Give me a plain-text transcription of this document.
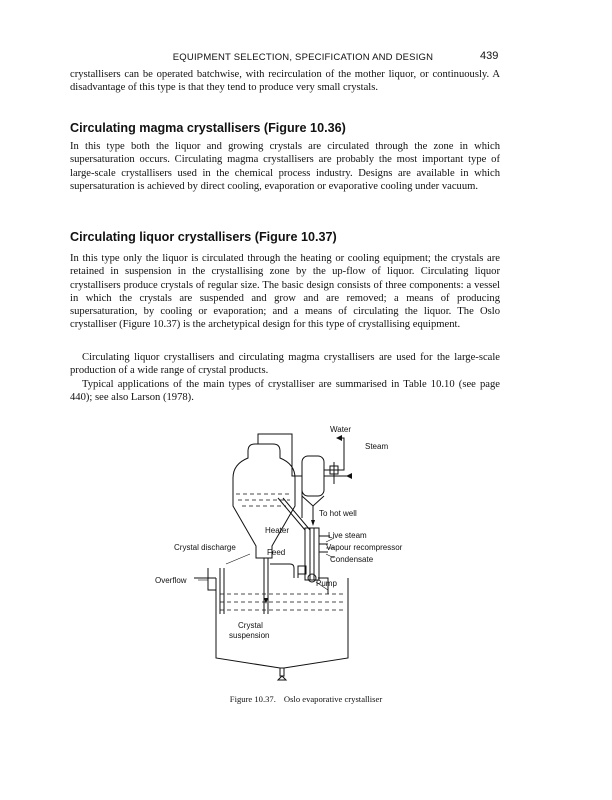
EQUIPMENT SELECTION, SPECIFICATION AND DESIGN	439

crystallisers can be operated batchwise, with recirculation of the mother liquor, or continuously. A disadvantage of this type is that they tend to produce very small crystals.

Circulating magma crystallisers (Figure 10.36)

In this type both the liquor and growing crystals are circulated through the zone in which supersaturation occurs. Circulating magma crystallisers are probably the most important type of large-scale crystallisers used in the chemical process industry. Designs are available in which supersaturation is achieved by direct cooling, evaporation or evaporative cooling under vacuum.

Circulating liquor crystallisers (Figure 10.37)

In this type only the liquor is circulated through the heating or cooling equipment; the crystals are retained in suspension in the crystallising zone by the up-flow of liquor. Circulating liquor crystallisers produce crystals of regular size. The basic design consists of three components: a vessel in which the crystals are suspended and grow and are removed; a means of producing supersaturation, by cooling or evaporation; and a means of circulating the liquor. The Oslo crystalliser (Figure 10.37) is the archetypical design for this type of crystallising equipment.

Circulating liquor crystallisers and circulating magma crystallisers are used for the large-scale production of a wide range of crystal products.

Typical applications of the main types of crystalliser are summarised in Table 10.10 (see page 440); see also Larson (1978).

Water
Steam
To hot well
Heater
Live steam
Vapour recompressor
Condensate
Feed
Crystal discharge
Overflow	Pump
Crystal
suspension
Figure 10.37. Oslo evaporative crystalliser
